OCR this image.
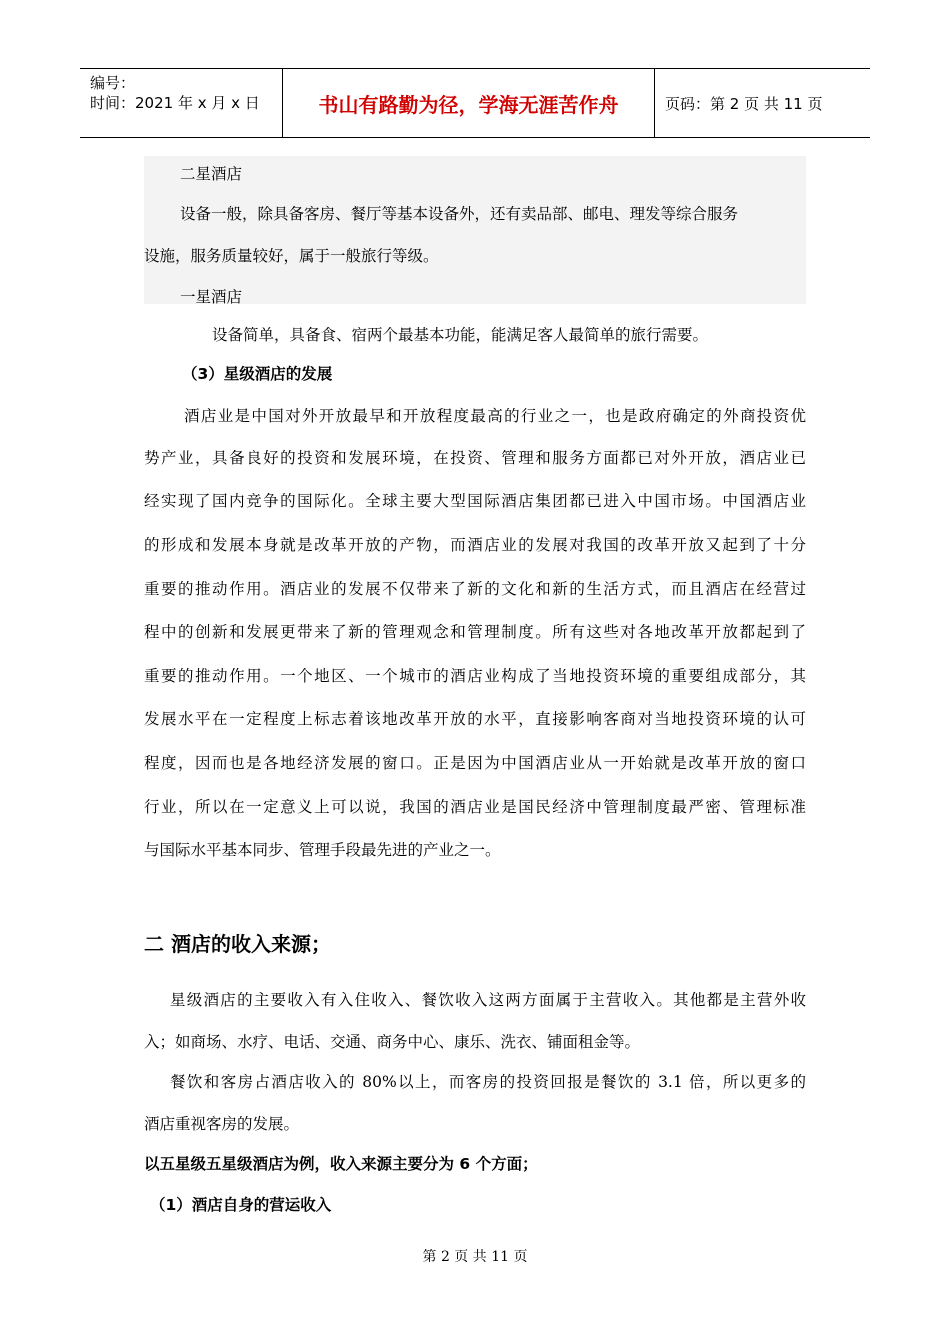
编号：
时间：2021 年 x 月 x 日	书山有路勤为径，学海无涯苦作舟	页码：第 2 页 共 11 页
二星酒店
设备一般，除具备客房、餐厅等基本设备外，还有卖品部、邮电、理发等综合服务
设施，服务质量较好，属于一般旅行等级。
一星酒店
设备简单，具备食、宿两个最基本功能，能满足客人最简单的旅行需要。
（3）星级酒店的发展
酒店业是中国对外开放最早和开放程度最高的行业之一，也是政府确定的外商投资优
势产业，具备良好的投资和发展环境，在投资、管理和服务方面都已对外开放，酒店业已
经实现了国内竞争的国际化。全球主要大型国际酒店集团都已进入中国市场。中国酒店业
的形成和发展本身就是改革开放的产物，而酒店业的发展对我国的改革开放又起到了十分
重要的推动作用。酒店业的发展不仅带来了新的文化和新的生活方式，而且酒店在经营过
程中的创新和发展更带来了新的管理观念和管理制度。所有这些对各地改革开放都起到了
重要的推动作用。一个地区、一个城市的酒店业构成了当地投资环境的重要组成部分，其
发展水平在一定程度上标志着该地改革开放的水平，直接影响客商对当地投资环境的认可
程度，因而也是各地经济发展的窗口。正是因为中国酒店业从一开始就是改革开放的窗口
行业，所以在一定意义上可以说，我国的酒店业是国民经济中管理制度最严密、管理标准
与国际水平基本同步、管理手段最先进的产业之一。
二 酒店的收入来源；
星级酒店的主要收入有入住收入、餐饮收入这两方面属于主营收入。其他都是主营外收
入；如商场、水疗、电话、交通、商务中心、康乐、洗衣、铺面租金等。
餐饮和客房占酒店收入的 80%以上，而客房的投资回报是餐饮的 3.1 倍，所以更多的
酒店重视客房的发展。
以五星级五星级酒店为例，收入来源主要分为 6 个方面；
（1）酒店自身的营运收入
第 2 页 共 11 页
